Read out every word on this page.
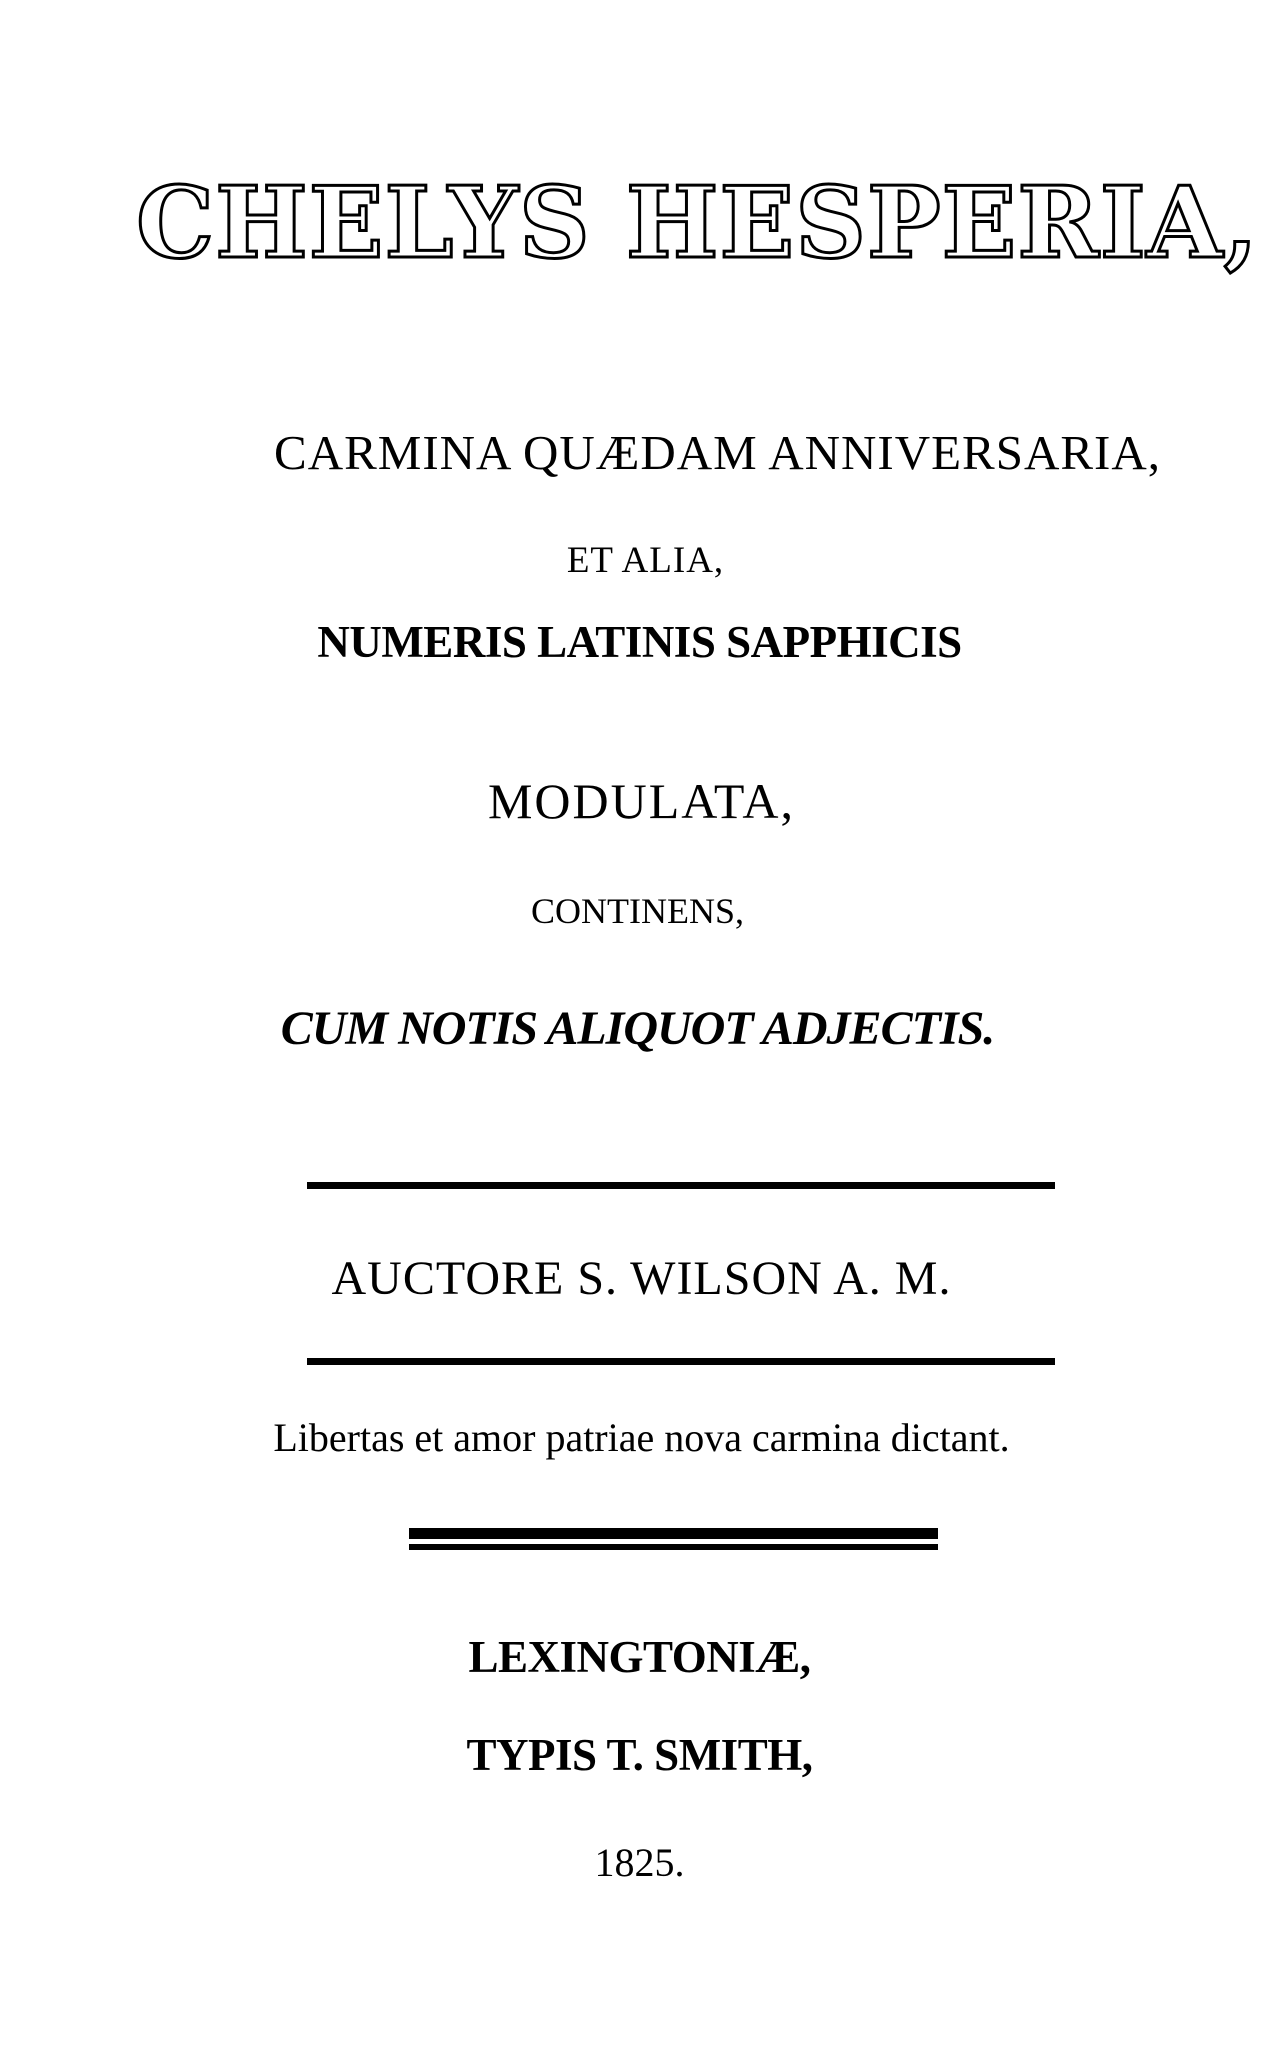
CHELYS HESPERIA,
CARMINA QUÆDAM ANNIVERSARIA,
ET ALIA,
NUMERIS LATINIS SAPPHICIS
MODULATA,
CONTINENS,
CUM NOTIS ALIQUOT ADJECTIS.
AUCTORE S. WILSON A. M.
Libertas et amor patriae nova carmina dictant.
LEXINGTONIÆ,
TYPIS T. SMITH,
1825.
